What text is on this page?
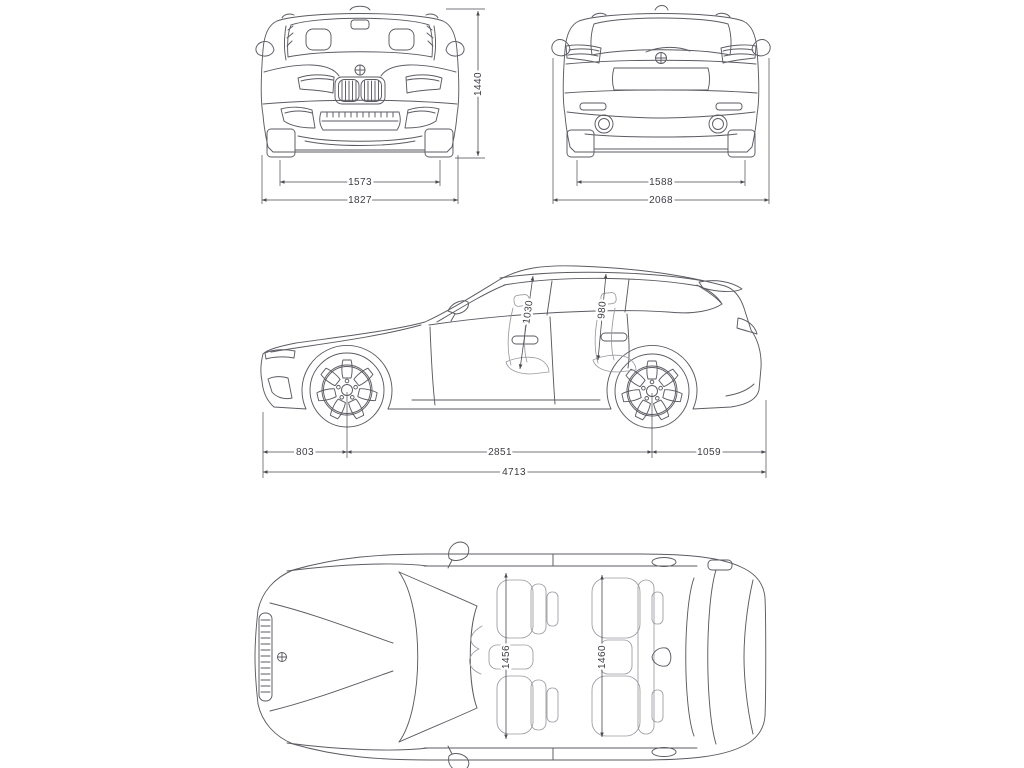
1573
1827
1440
1588
2068
1030	980
803	2851	1059
4713
1456	1460
